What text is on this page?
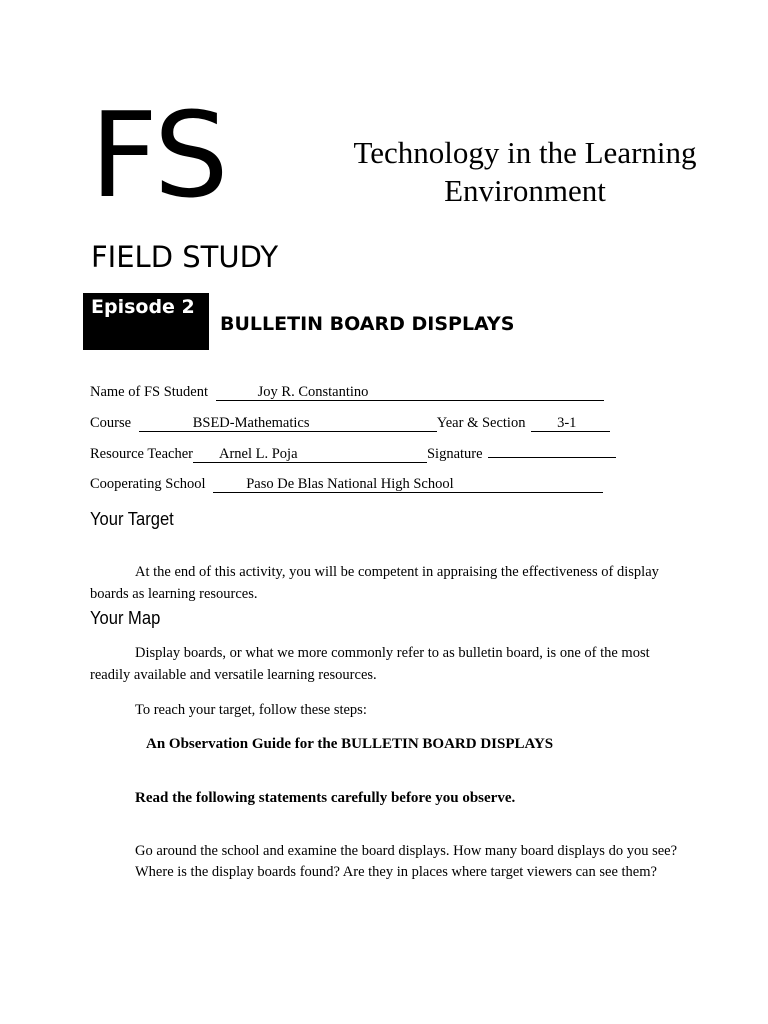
FS	Technology in the Learning Environment
FIELD STUDY
Episode 2
BULLETIN BOARD DISPLAYS
Name of FS Student	Joy R. Constantino
Course	BSED-Mathematics	Year & Section 3-1
Resource Teacher Arnel L. Poja	Signature
Cooperating School	Paso De Blas National High School
Your Target
At the end of this activity, you will be competent in appraising the effectiveness of display boards as learning resources.
Your Map
Display boards, or what we more commonly refer to as bulletin board, is one of the most readily available and versatile learning resources.
To reach your target, follow these steps:
An Observation Guide for the BULLETIN BOARD DISPLAYS
Read the following statements carefully before you observe.
Go around the school and examine the board displays. How many board displays do you see?
Where is the display boards found? Are they in places where target viewers can see them?
